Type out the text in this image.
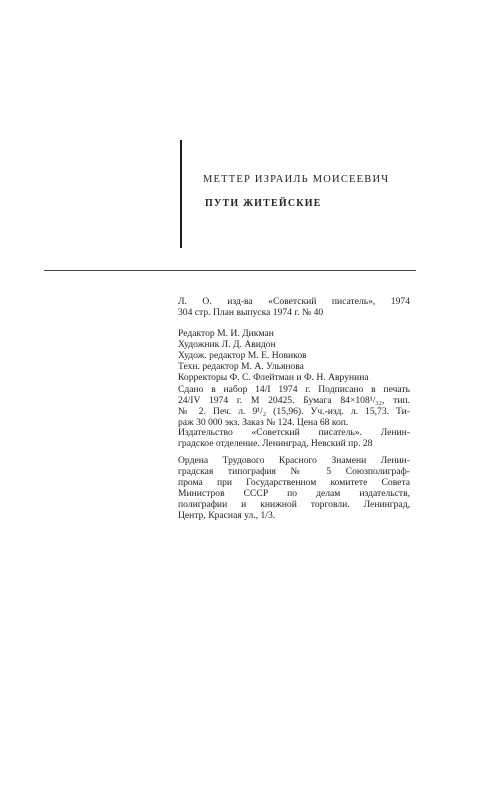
МЕТТЕР ИЗРАИЛЬ МОИСЕЕВИЧ
ПУТИ ЖИТЕЙСКИЕ
Л. О. изд-ва «Советский писатель», 1974
304 стр. План выпуска 1974 г. № 40
Редактор М. И. Дикман
Художник Л. Д. Авидон
Худож. редактор М. Е. Новиков
Техн. редактор М. А. Ульянова
Корректоры Ф. С. Флейтман и Ф. Н. Аврунина
Сдано в набор 14/I 1974 г. Подписано в печать
24/IV 1974 г. М 20425. Бумага 84×108¹/₃₂, тип.
№ 2. Печ. л. 9¹/₂ (15,96). Уч.-изд. л. 15,73. Ти-
раж 30 000 экз. Заказ № 124. Цена 68 коп.
Издательство «Советский писатель». Ленин-
градское отделение. Ленинград, Невский пр. 28
Ордена Трудового Красного Знамени Ленин-
градская типография № 5 Союзполиграф-
прома при Государственном комитете Совета
Министров СССР по делам издательств,
полиграфии и книжной торговли. Ленинград,
Центр, Красная ул., 1/3.
